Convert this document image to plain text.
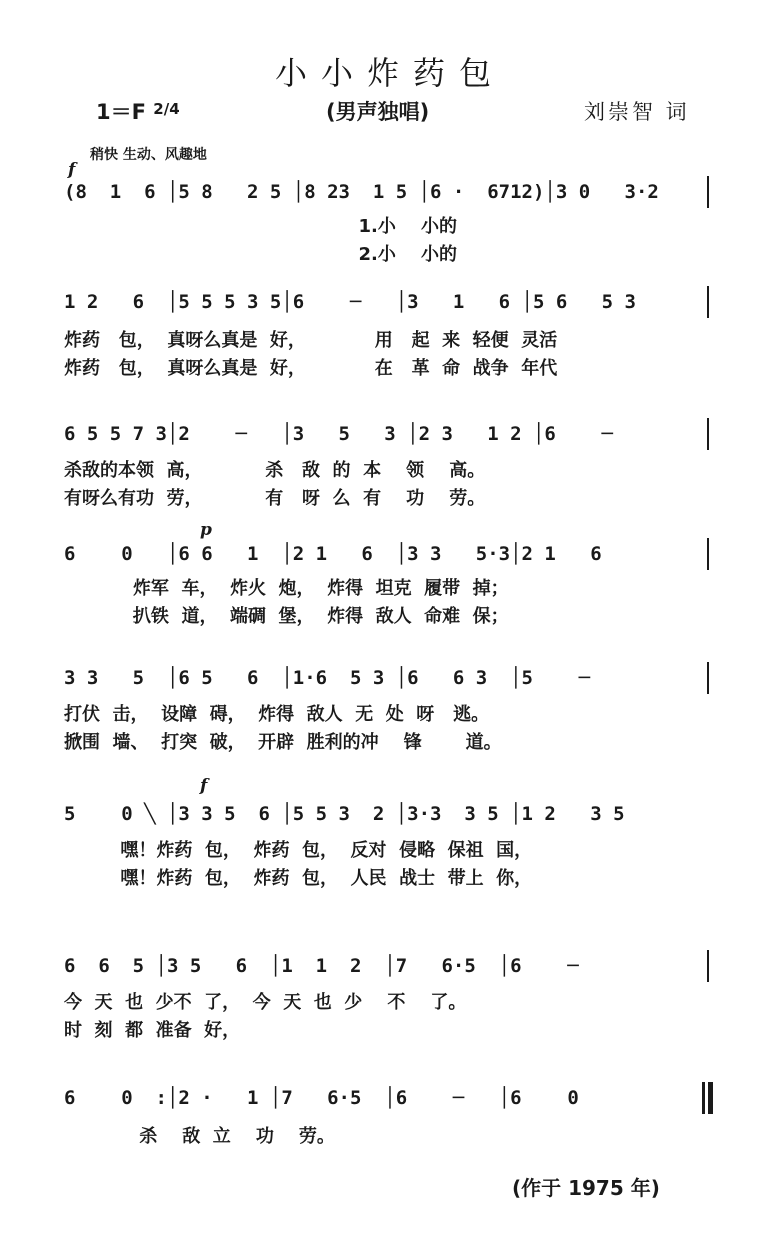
小小炸药包
1＝F $^{2/4}$	(男声独唱)	刘崇智 词
稍快 生动、风趣地
f
p
f
(8  1  6 │5 8   2 5 │8 23  1 5 │6 ·  6712)│3 0   3·2
1.小    小的
2.小    小的
1 2   6  │5 5 5 3 5│6    ─   │3   1   6 │5 6   5 3
炸药   包，  真呀么真是  好，           用   起  来  轻便  灵活
炸药   包，  真呀么真是  好，           在   革  命  战争  年代
6 5 5 7 3│2    ─   │3   5   3 │2 3   1 2 │6    ─
杀敌的本领  高，          杀   敌  的  本    领    高。
有呀么有功  劳，          有   呀  么  有    功    劳。
6    0   │6 6   1  │2 1   6  │3 3   5·3│2 1   6
炸军  车，  炸火  炮，  炸得  坦克  履带  掉；
扒铁  道，  端碉  堡，  炸得  敌人  命难  保；
3 3   5  │6 5   6  │1·6  5 3 │6   6 3  │5    ─
打伏  击，  设障  碍，  炸得  敌人  无  处  呀   逃。
掀围  墙、  打突  破，  开辟  胜利的冲    锋       道。
5    0 ╲ │3 3 5  6 │5 5 3  2 │3·3  3 5 │1 2   3 5
嘿！炸药  包，  炸药  包，  反对  侵略  保祖  国，
嘿！炸药  包，  炸药  包，  人民  战士  带上  你，
6  6  5 │3 5   6  │1  1  2  │7   6·5  │6    ─
今  天  也  少不  了，  今  天  也  少    不    了。
时  刻  都  准备  好，
6    0  :│2 ·   1 │7   6·5  │6    ─   │6    0
杀    敌  立    功    劳。
(作于 1975 年)
